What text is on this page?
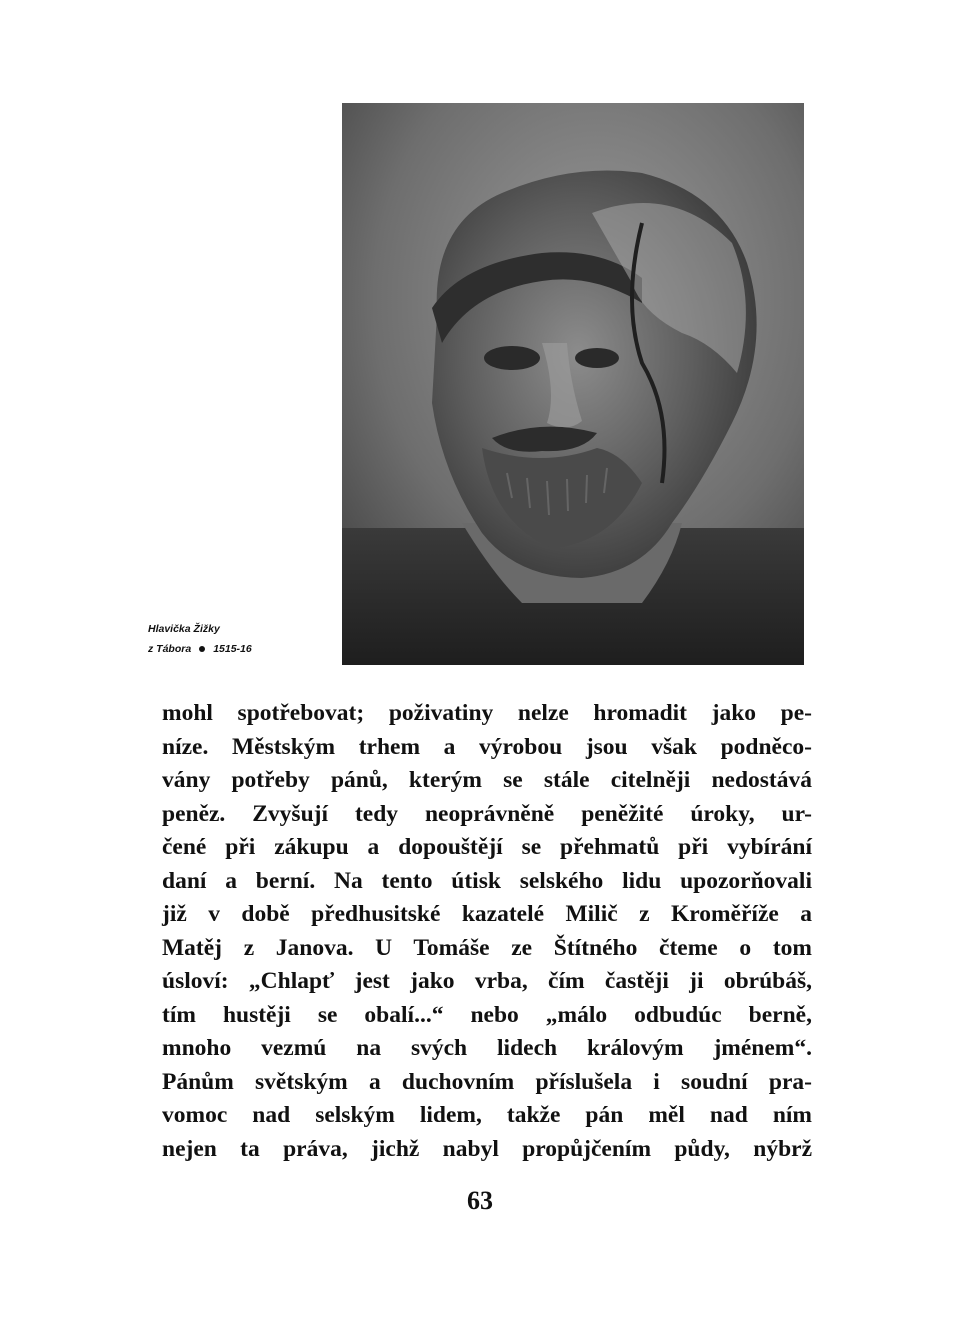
Hlavička Žižky
z Tábora 1515-16
mohl spotřebovat; poživatiny nelze hromadit jako pe-
níze. Městským trhem a výrobou jsou však podněco-
vány potřeby pánů, kterým se stále citelněji nedostává
peněz. Zvyšují tedy neoprávněně peněžité úroky, ur-
čené při zákupu a dopouštějí se přehmatů při vybírání
daní a berní. Na tento útisk selského lidu upozorňovali
již v době předhusitské kazatelé Milič z Kroměříže a
Matěj z Janova. U Tomáše ze Štítného čteme o tom
úsloví: „Chlapť jest jako vrba, čím častěji ji obrúbáš,
tím hustěji se obalí...“ nebo „málo odbudúc berně,
mnoho vezmú na svých lidech královým jménem“.
Pánům světským a duchovním příslušela i soudní pra-
vomoc nad selským lidem, takže pán měl nad ním
nejen ta práva, jichž nabyl propůjčením půdy, nýbrž
63
